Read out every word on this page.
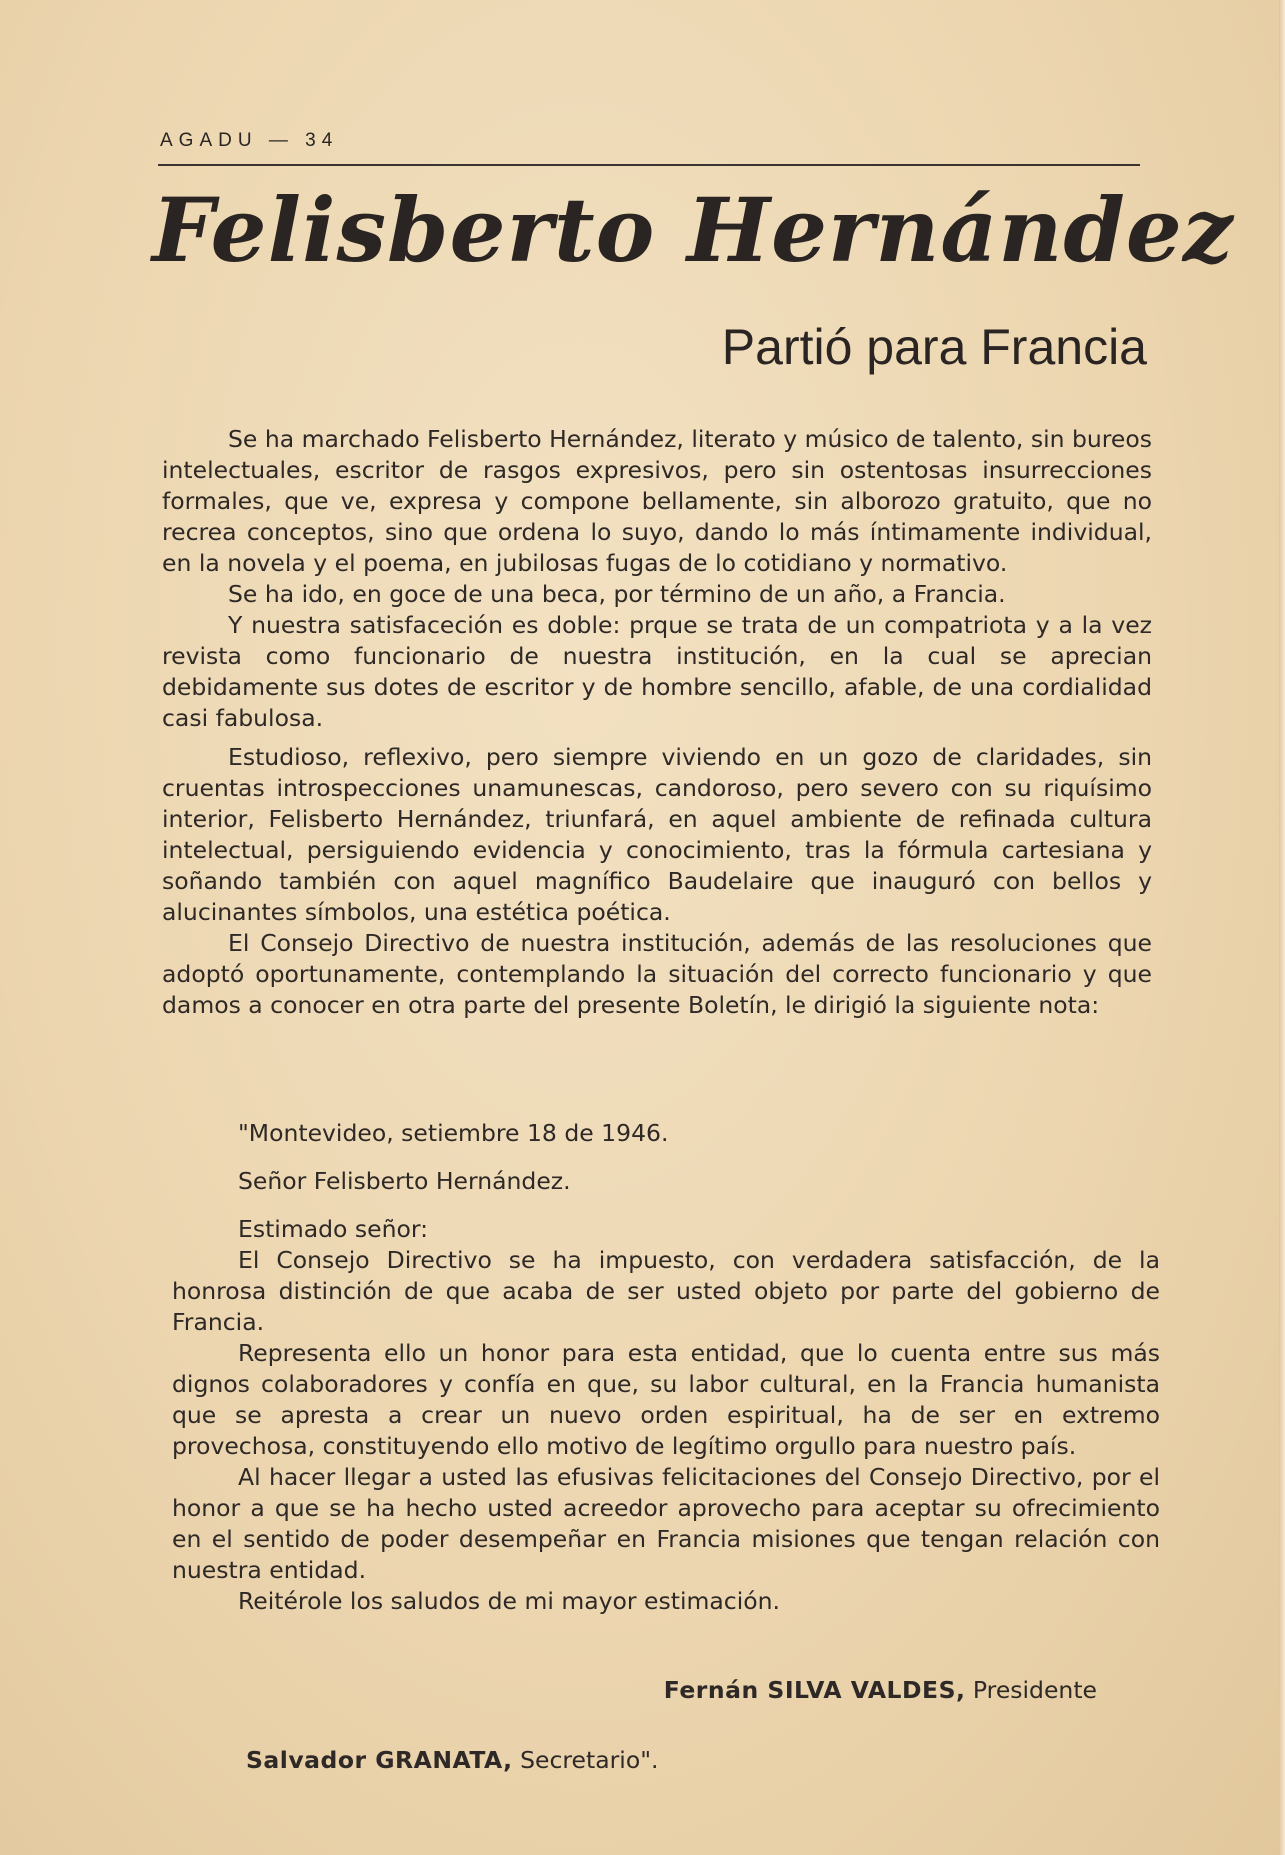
AGADU — 34
Felisberto Hernández
Partió para Francia

Se ha marchado Felisberto Hernández, literato y músico de talento, sin bureos intelectuales, escritor de rasgos expresivos, pero sin ostentosas insurrecciones formales, que ve, expresa y compone bellamente, sin alborozo gratuito, que no recrea conceptos, sino que ordena lo suyo, dando lo más íntimamente individual, en la novela y el poema, en jubilosas fugas de lo cotidiano y normativo.

Se ha ido, en goce de una beca, por término de un año, a Francia.

Y nuestra satisfaceción es doble: prque se trata de un compatriota y a la vez revista como funcionario de nuestra institución, en la cual se aprecian debidamente sus dotes de escritor y de hombre sencillo, afable, de una cordialidad casi fabulosa.

Estudioso, reflexivo, pero siempre viviendo en un gozo de claridades, sin cruentas introspecciones unamunescas, candoroso, pero severo con su riquísimo interior, Felisberto Hernández, triunfará, en aquel ambiente de refinada cultura intelectual, persiguiendo evidencia y conocimiento, tras la fórmula cartesiana y soñando también con aquel magnífico Baudelaire que inauguró con bellos y alucinantes símbolos, una estética poética.

El Consejo Directivo de nuestra institución, además de las resoluciones que adoptó oportunamente, contemplando la situación del correcto funcionario y que damos a conocer en otra parte del presente Boletín, le dirigió la siguiente nota:

"Montevideo, setiembre 18 de 1946.

Señor Felisberto Hernández.

Estimado señor:

El Consejo Directivo se ha impuesto, con verdadera satisfacción, de la honrosa distinción de que acaba de ser usted objeto por parte del gobierno de Francia.

Representa ello un honor para esta entidad, que lo cuenta entre sus más dignos colaboradores y confía en que, su labor cultural, en la Francia humanista que se apresta a crear un nuevo orden espiritual, ha de ser en extremo provechosa, constituyendo ello motivo de legítimo orgullo para nuestro país.

Al hacer llegar a usted las efusivas felicitaciones del Consejo Directivo, por el honor a que se ha hecho usted acreedor aprovecho para aceptar su ofrecimiento en el sentido de poder desempeñar en Francia misiones que tengan relación con nuestra entidad.

Reitérole los saludos de mi mayor estimación.

Fernán SILVA VALDES, Presidente
Salvador GRANATA, Secretario".
